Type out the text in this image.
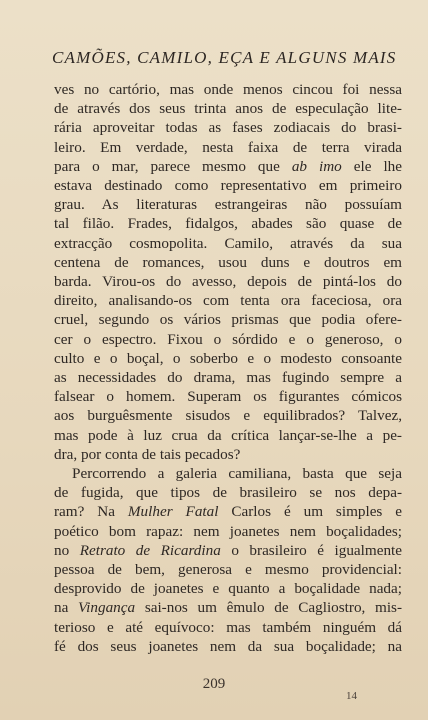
CAMÕES, CAMILO, EÇA E ALGUNS MAIS
ves no cartório, mas onde menos cincou foi nessa
de através dos seus trinta anos de especulação lite-
rária aproveitar todas as fases zodiacais do brasi-
leiro. Em verdade, nesta faixa de terra virada
para o mar, parece mesmo que ab imo ele lhe
estava destinado como representativo em primeiro
grau. As literaturas estrangeiras não possuíam
tal filão. Frades, fidalgos, abades são quase de
extracção cosmopolita. Camilo, através da sua
centena de romances, usou duns e doutros em
barda. Virou-os do avesso, depois de pintá-los do
direito, analisando-os com tenta ora faceciosa, ora
cruel, segundo os vários prismas que podia ofere-
cer o espectro. Fixou o sórdido e o generoso, o
culto e o boçal, o soberbo e o modesto consoante
as necessidades do drama, mas fugindo sempre a
falsear o homem. Superam os figurantes cómicos
aos burguêsmente sisudos e equilibrados? Talvez,
mas pode à luz crua da crítica lançar-se-lhe a pe-
dra, por conta de tais pecados?
Percorrendo a galeria camiliana, basta que seja
de fugida, que tipos de brasileiro se nos depa-
ram? Na Mulher Fatal Carlos é um simples e
poético bom rapaz: nem joanetes nem boçalidades;
no Retrato de Ricardina o brasileiro é igualmente
pessoa de bem, generosa e mesmo providencial:
desprovido de joanetes e quanto a boçalidade nada;
na Vingança sai-nos um êmulo de Cagliostro, mis-
terioso e até equívoco: mas também ninguém dá
fé dos seus joanetes nem da sua boçalidade; na
209
14
